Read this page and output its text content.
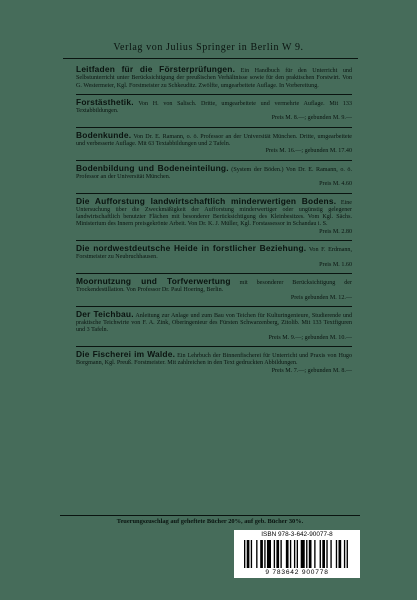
Verlag von Julius Springer in Berlin W 9.
Leitfaden für die Försterprüfungen. Ein Handbuch für den Unterricht und Selbstunterricht unter Berücksichtigung der preußischen Verhältnisse sowie für den praktischen Forstwirt. Von G. Westermeier, Kgl. Forstmeister zu Schkeuditz. Zwölfte, umgearbeitete Auflage. In Vorbereitung.
Forstästhetik. Von H. von Salisch. Dritte, umgearbeitete und vermehrte Auflage. Mit 133 Textabbildungen.
Preis M. 8.—; gebunden M. 9.—
Bodenkunde. Von Dr. E. Ramann, o. ö. Professor an der Universität München. Dritte, umgearbeitete und verbesserte Auflage. Mit 63 Textabbildungen und 2 Tafeln.
Preis M. 16.—; gebunden M. 17.40
Bodenbildung und Bodeneinteilung. (System der Böden.) Von Dr. E. Ramann, o. ö. Professor an der Universität München.
Preis M. 4.60
Die Aufforstung landwirtschaftlich minderwertigen Bodens. Eine Untersuchung über die Zweckmäßigkeit der Aufforstung minderwertiger oder ungünstig gelegener landwirtschaftlich benutzter Flächen mit besonderer Berücksichtigung des Kleinbesitzes. Vom Kgl. Sächs. Ministerium des Innern preisgekrönte Arbeit. Von Dr. K. J. Müller, Kgl. Forstassessor in Schandau i. S.
Preis M. 2.80
Die nordwestdeutsche Heide in forstlicher Beziehung. Von F. Erdmann, Forstmeister zu Neubruchhausen.
Preis M. 1.60
Moornutzung und Torfverwertung mit besonderer Berücksichtigung der Trockendestillation. Von Professor Dr. Paul Hoering, Berlin.
Preis gebunden M. 12.—
Der Teichbau. Anleitung zur Anlage und zum Bau von Teichen für Kulturingenieure, Studierende und praktische Teichwirte von F. A. Zink, Oberingenieur des Fürsten Schwarzenberg, Zitolib. Mit 133 Textfiguren und 3 Tafeln.
Preis M. 9.—; gebunden M. 10.—
Die Fischerei im Walde. Ein Lehrbuch der Binnenfischerei für Unterricht und Praxis von Hugo Borgmann, Kgl. Preuß. Forstmeister. Mit zahlreichen in den Text gedruckten Abbildungen.
Preis M. 7.—; gebunden M. 8.—
Teuerungszuschlag auf geheftete Bücher 20%, auf geb. Bücher 30%.
ISBN 978-3-642-90077-8
9 783642 900778
